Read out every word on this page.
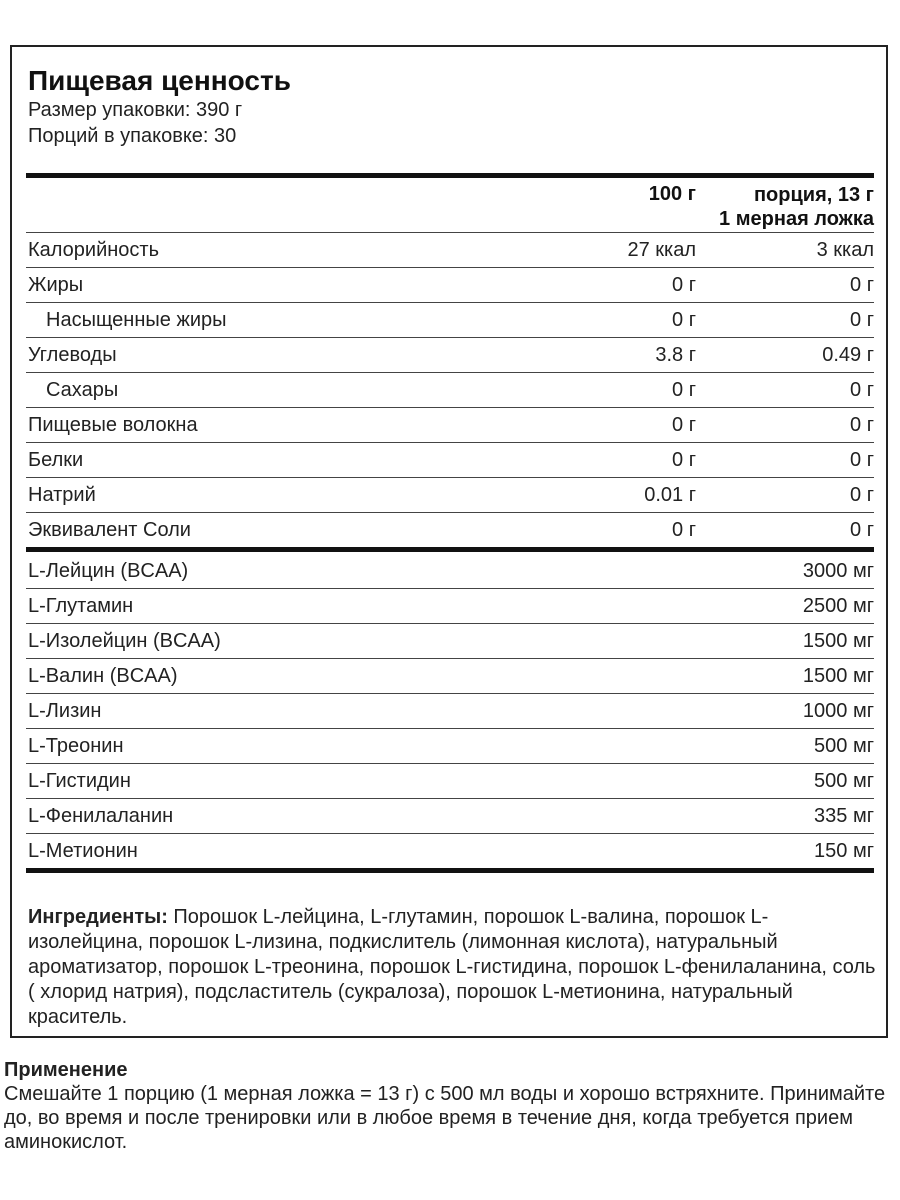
Пищевая ценность
Размер упаковки: 390 г
Порций в упаковке: 30
100 г	порция, 13 г
1 мерная ложка
Калорийность	27 ккал	3 ккал
Жиры	0 г	0 г
Насыщенные жиры	0 г	0 г
Углеводы	3.8 г	0.49 г
Сахары	0 г	0 г
Пищевые волокна	0 г	0 г
Белки	0 г	0 г
Натрий	0.01 г	0 г
Эквивалент Соли	0 г	0 г
L-Лейцин (BCAA)	3000 мг
L-Глутамин	2500 мг
L-Изолейцин (BCAA)	1500 мг
L-Валин (BCAA)	1500 мг
L-Лизин	1000 мг
L-Треонин	500 мг
L-Гистидин	500 мг
L-Фенилаланин	335 мг
L-Метионин	150 мг
Ингредиенты: Порошок L-лейцина, L-глутамин, порошок L-валина, порошок L-изолейцина, порошок L-лизина, подкислитель (лимонная кислота), натуральный ароматизатор, порошок L-треонина, порошок L-гистидина, порошок L-фенилаланина, соль ( хлорид натрия), подсластитель (сукралоза), порошок L-метионина, натуральный краситель.
Применение
Смешайте 1 порцию (1 мерная ложка = 13 г) с 500 мл воды и хорошо встряхните. Принимайте до, во время и после тренировки или в любое время в течение дня, когда требуется прием аминокислот.
